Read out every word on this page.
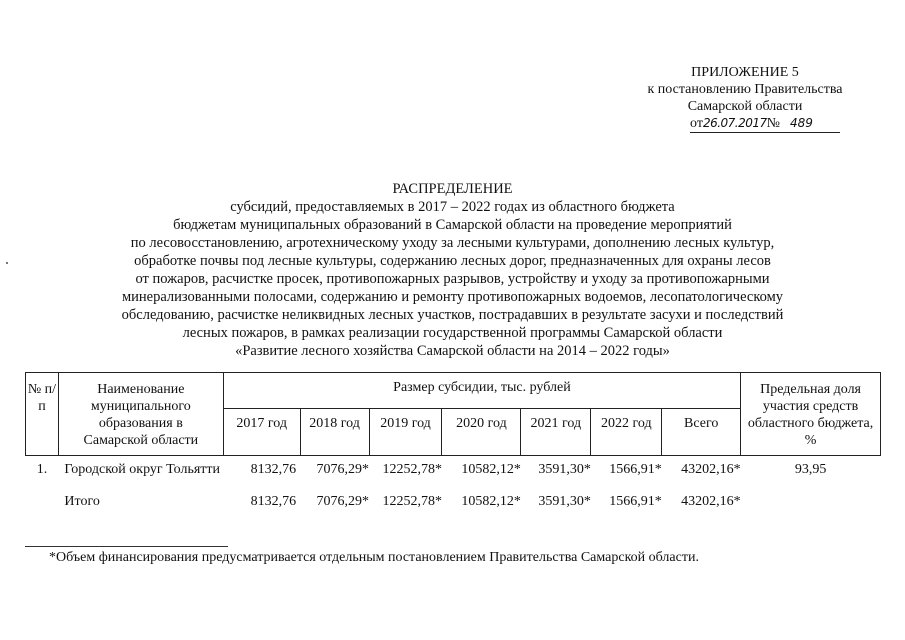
ПРИЛОЖЕНИЕ 5
к постановлению Правительства
Самарской области
от26.07.2017№ 489
РАСПРЕДЕЛЕНИЕ
субсидий, предоставляемых в 2017 – 2022 годах из областного бюджета
бюджетам муниципальных образований в Самарской области на проведение мероприятий
по лесовосстановлению, агротехническому уходу за лесными культурами, дополнению лесных культур,
обработке почвы под лесные культуры, содержанию лесных дорог, предназначенных для охраны лесов
от пожаров, расчистке просек, противопожарных разрывов, устройству и уходу за противопожарными
минерализованными полосами, содержанию и ремонту противопожарных водоемов, лесопатологическому
обследованию, расчистке неликвидных лесных участков, пострадавших в результате засухи и последствий
лесных пожаров, в рамках реализации государственной программы Самарской области
«Развитие лесного хозяйства Самарской области на 2014 – 2022 годы»
№ п/п	Наименование муниципального образования в Самарской области	Размер субсидии, тыс. рублей							Предельная доля участия средств областного бюджета, %
		2017 год	2018 год	2019 год	2020 год	2021 год	2022 год	Всего	
1.	Городской округ Тольятти	8132,76	7076,29*	12252,78*	10582,12*	3591,30*	1566,91*	43202,16*	93,95
	Итого	8132,76	7076,29*	12252,78*	10582,12*	3591,30*	1566,91*	43202,16*	
*Объем финансирования предусматривается отдельным постановлением Правительства Самарской области.
